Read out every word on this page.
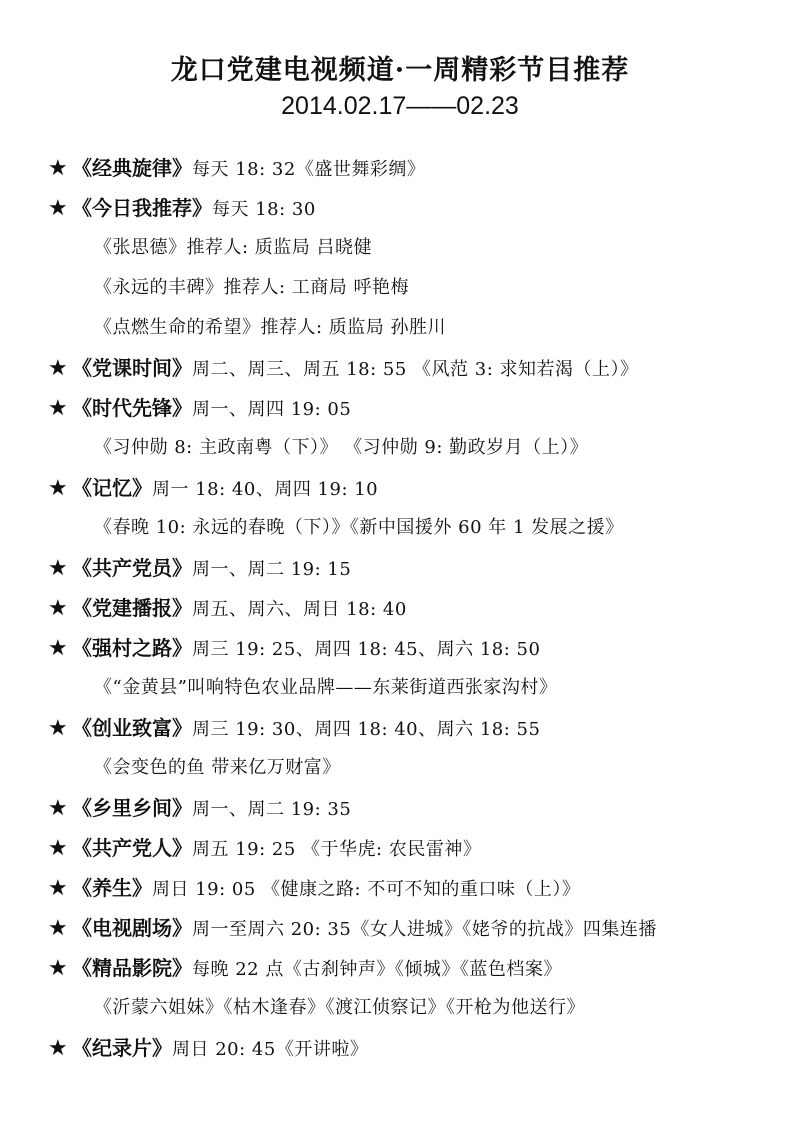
龙口党建电视频道·一周精彩节目推荐
2014.02.17——02.23
★ 《经典旋律》每天 18: 32《盛世舞彩绸》
★ 《今日我推荐》每天 18: 30
《张思德》推荐人: 质监局 吕晓健
《永远的丰碑》推荐人: 工商局 呼艳梅
《点燃生命的希望》推荐人: 质监局 孙胜川
★ 《党课时间》周二、周三、周五 18: 55 《风范 3: 求知若渴（上）》
★ 《时代先锋》周一、周四 19: 05
《习仲勋 8: 主政南粤（下）》 《习仲勋 9: 勤政岁月（上）》
★ 《记忆》周一 18: 40、周四 19: 10
《春晚 10: 永远的春晚（下）》《新中国援外 60 年 1 发展之援》
★ 《共产党员》周一、周二 19: 15
★ 《党建播报》周五、周六、周日 18: 40
★ 《强村之路》周三 19: 25、周四 18: 45、周六 18: 50
《“金黄县”叫响特色农业品牌——东莱街道西张家沟村》
★ 《创业致富》周三 19: 30、周四 18: 40、周六 18: 55
《会变色的鱼 带来亿万财富》
★ 《乡里乡间》周一、周二 19: 35
★ 《共产党人》周五 19: 25 《于华虎: 农民雷神》
★ 《养生》周日 19: 05 《健康之路: 不可不知的重口味（上）》
★ 《电视剧场》周一至周六 20: 35《女人进城》《姥爷的抗战》四集连播
★ 《精品影院》每晚 22 点《古刹钟声》《倾城》《蓝色档案》
《沂蒙六姐妹》《枯木逢春》《渡江侦察记》《开枪为他送行》
★ 《纪录片》周日 20: 45《开讲啦》
